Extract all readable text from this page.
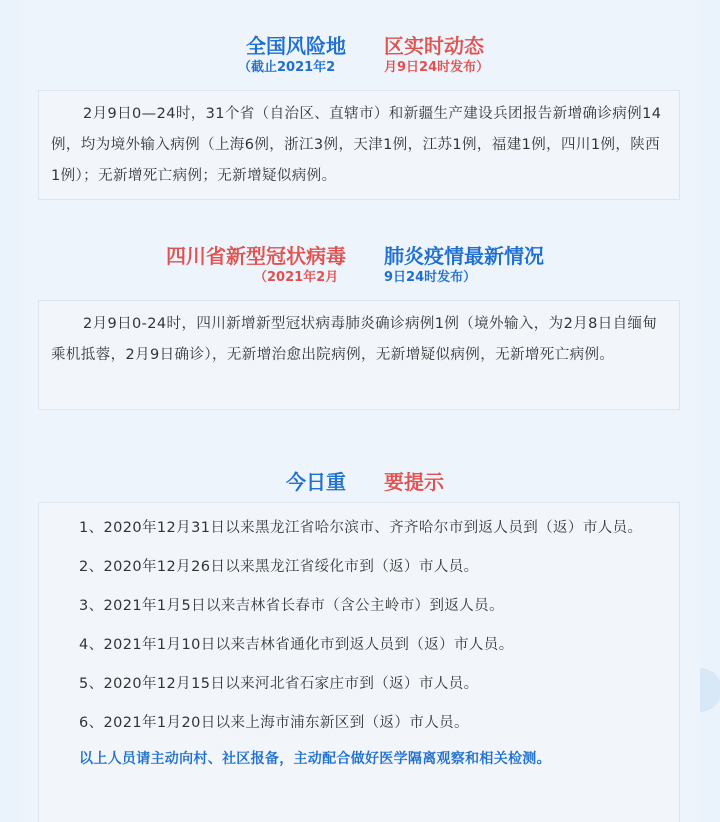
全国风险地 区实时动态
（截止2021年2	月9日24时发布）

2月9日0—24时，31个省（自治区、直辖市）和新疆生产建设兵团报告新增确诊病例14例，均为境外输入病例（上海6例，浙江3例，天津1例，江苏1例，福建1例，四川1例，陕西1例）；无新增死亡病例；无新增疑似病例。

四川省新型冠状病毒 肺炎疫情最新情况
（2021年2月	9日24时发布）

2月9日0-24时，四川新增新型冠状病毒肺炎确诊病例1例（境外输入，为2月8日自缅甸乘机抵蓉，2月9日确诊），无新增治愈出院病例，无新增疑似病例，无新增死亡病例。

今日重 要提示

1、2020年12月31日以来黑龙江省哈尔滨市、齐齐哈尔市到返人员到（返）市人员。

2、2020年12月26日以来黑龙江省绥化市到（返）市人员。

3、2021年1月5日以来吉林省长春市（含公主岭市）到返人员。

4、2021年1月10日以来吉林省通化市到返人员到（返）市人员。

5、2020年12月15日以来河北省石家庄市到（返）市人员。

6、2021年1月20日以来上海市浦东新区到（返）市人员。

以上人员请主动向村、社区报备，主动配合做好医学隔离观察和相关检测。
